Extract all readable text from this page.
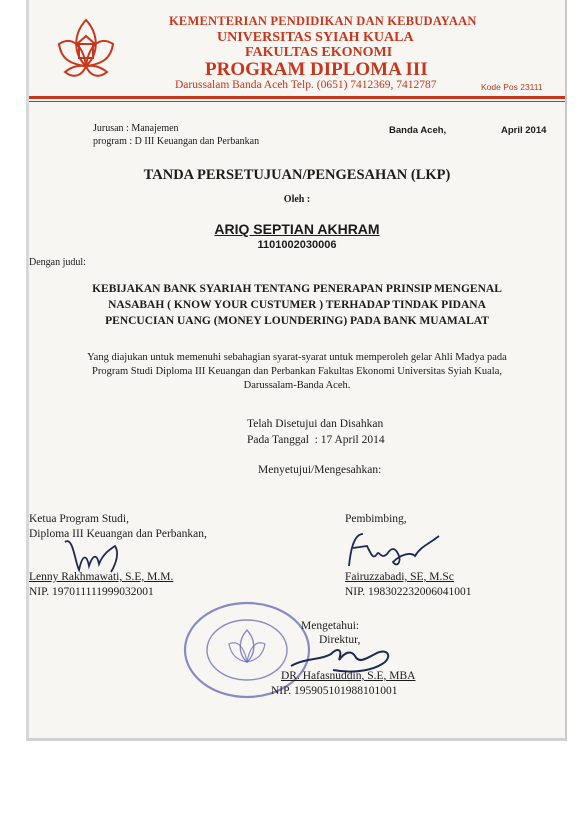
KEMENTERIAN PENDIDIKAN DAN KEBUDAYAAN
UNIVERSITAS SYIAH KUALA
FAKULTAS EKONOMI
PROGRAM DIPLOMA III
Darussalam Banda Aceh Telp. (0651) 7412369, 7412787	Kode Pos 23111
Jurusan : Manajemen
program : D III Keuangan dan Perbankan
Banda Aceh,	April 2014
TANDA PERSETUJUAN/PENGESAHAN (LKP)
Oleh :
ARIQ SEPTIAN AKHRAM
1101002030006
Dengan judul:
KEBIJAKAN BANK SYARIAH TENTANG PENERAPAN PRINSIP MENGENAL
NASABAH ( KNOW YOUR CUSTUMER ) TERHADAP TINDAK PIDANA
PENCUCIAN UANG (MONEY LOUNDERING) PADA BANK MUAMALAT
Yang diajukan untuk memenuhi sebahagian syarat-syarat untuk memperoleh gelar Ahli Madya pada
Program Studi Diploma III Keuangan dan Perbankan Fakultas Ekonomi Universitas Syiah Kuala,
Darussalam-Banda Aceh.
Telah Disetujui dan Disahkan
Pada Tanggal  : 17 April 2014
Menyetujui/Mengesahkan:
Ketua Program Studi,
Diploma III Keuangan dan Perbankan,
Lenny Rakhmawati, S.E, M.M.
NIP. 197011111999032001
Pembimbing,
Fairuzzabadi, SE, M.Sc
NIP. 198302232006041001
Mengetahui:
Direktur,
DR. Hafasnuddin, S.E, MBA
NIP. 195905101988101001
